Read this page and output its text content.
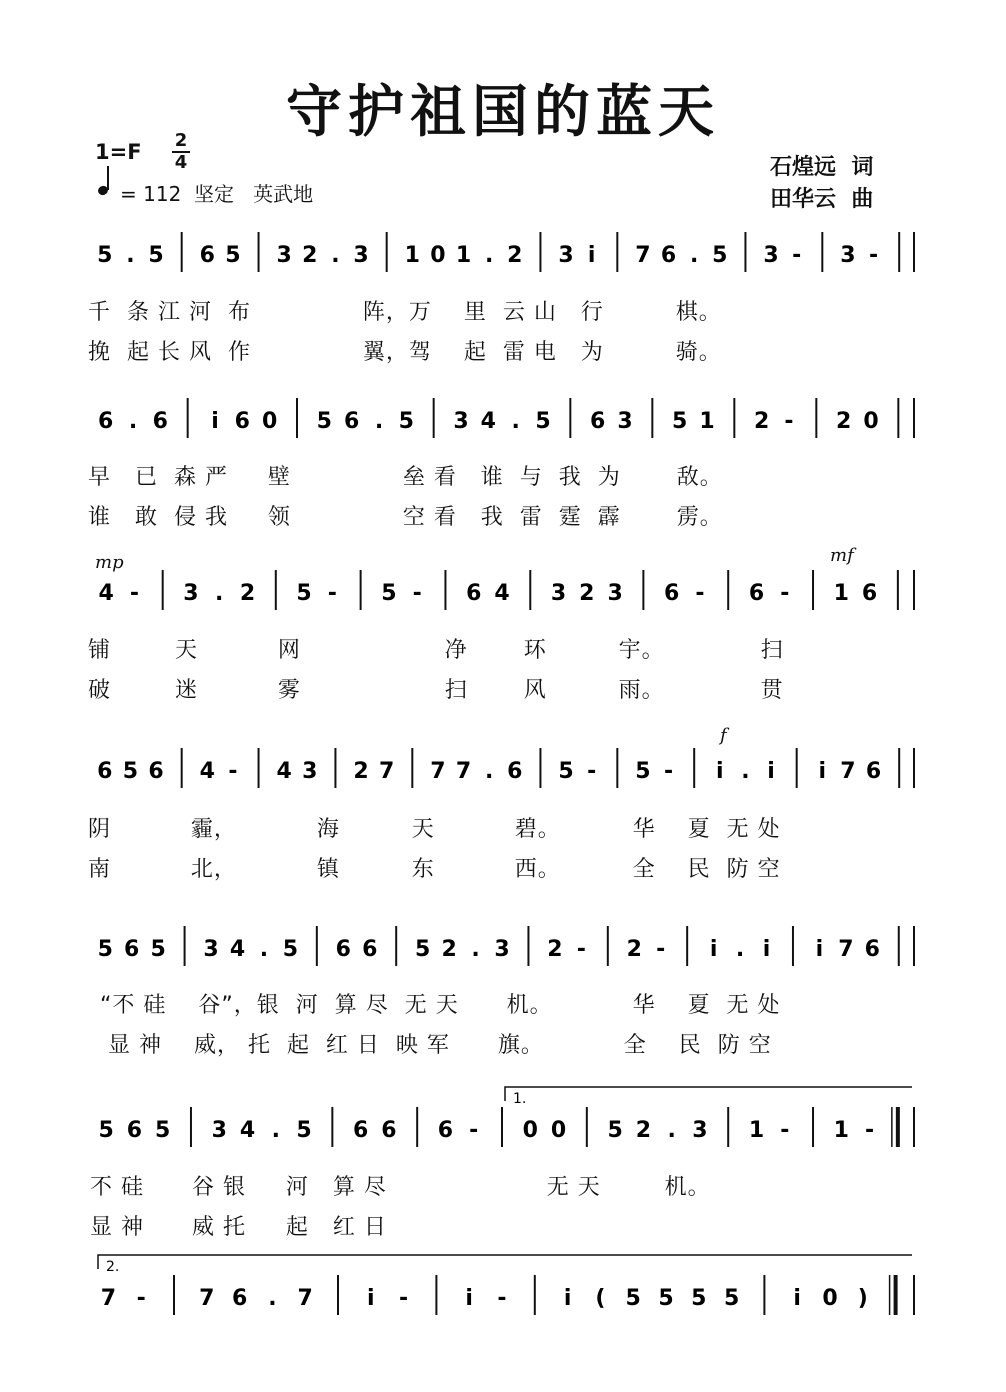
守护祖国的蓝天
1=F 2
4
= 112  坚定   英武地
石煌远  词
田华云  曲
5 . 5 6 5 3 2 . 3 1 0 1 . 2 3 i 7 6 . 5 3 - 3 -
6 . 6 i 6 0 5 6 . 5 3 4 . 5 6 3 5 1 2 - 2 0
4 - 3 . 2 5 - 5 - 6 4 3 2 3 6 - 6 - 1 6
6 5 6 4 - 4 3 2 7 7 7 . 6 5 - 5 - i . i i 7 6
5 6 5 3 4 . 5 6 6 5 2 . 3 2 - 2 - i . i i 7 6
5 6 5 3 4 . 5 6 6 6 - 0 0 5 2 . 3 1 - 1 -
1.
7 - 7 6 . 7 i -	i -	i ( 5 5 5 5 i 0 )
2.
千  条 江 河  布              阵，万    里  云 山   行         棋。
挽  起 长 风  作              翼，驾    起  雷 电   为         骑。
早   已  森 严     壁              垒 看   谁  与  我  为       敌。
谁   敢  侵 我     领              空 看   我  雷  霆  霹       雳。
mp	mf
铺        天          网                  净       环         宇。            扫
破        迷          雾                  扫       风         雨。            贯
f
阴          霾，          海         天          碧。         华    夏  无 处
南          北，          镇         东          西。         全    民  防 空
“不 硅    谷”，银  河  算 尽  无 天      机。          华    夏  无 处
显 神    威， 托  起  红 日  映 军      旗。          全    民  防 空
不 硅      谷 银     河   算 尽                    无 天        机。
显 神      威 托     起   红 日
